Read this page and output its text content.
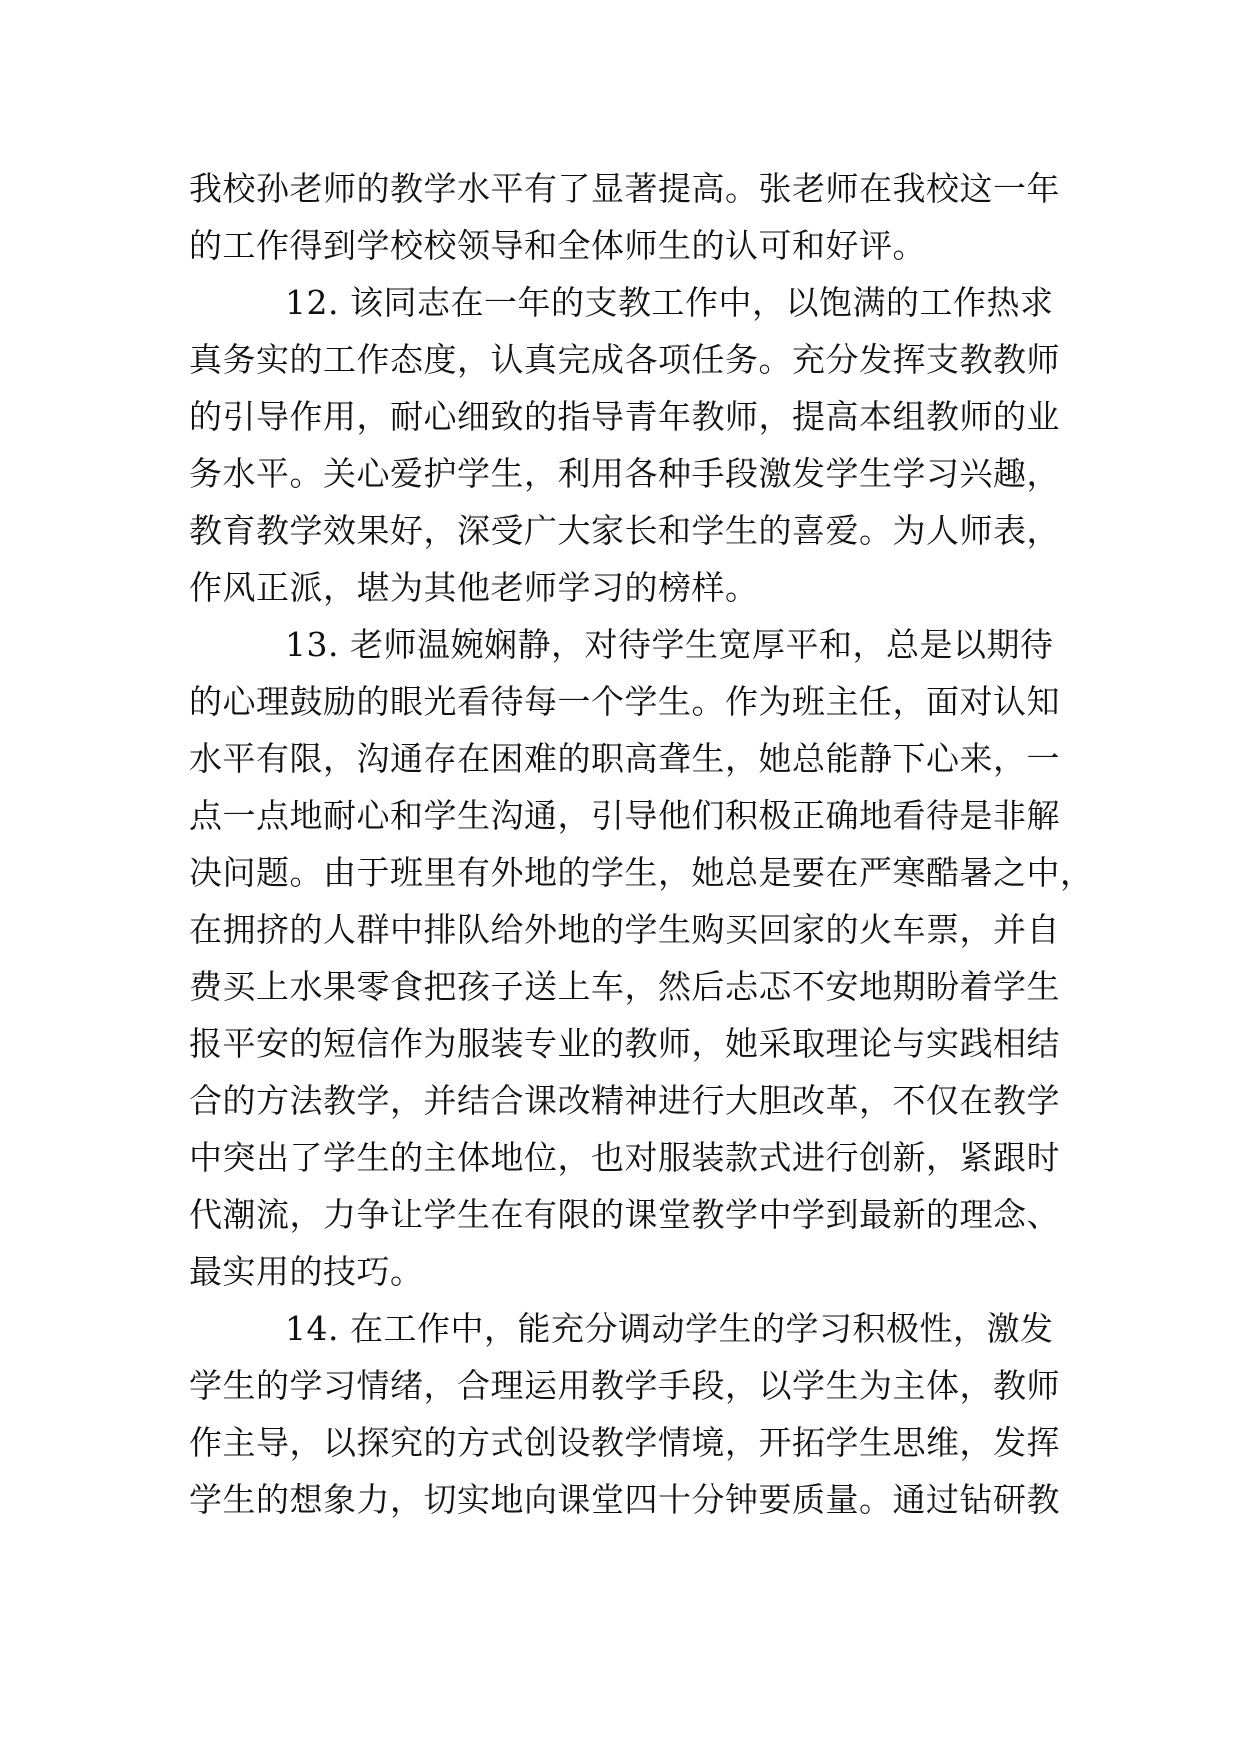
我校孙老师的教学水平有了显著提高。张老师在我校这一年
的工作得到学校校领导和全体师生的认可和好评。
12. 该同志在一年的支教工作中，以饱满的工作热求
真务实的工作态度，认真完成各项任务。充分发挥支教教师
的引导作用，耐心细致的指导青年教师，提高本组教师的业
务水平。关心爱护学生，利用各种手段激发学生学习兴趣，
教育教学效果好，深受广大家长和学生的喜爱。为人师表，
作风正派，堪为其他老师学习的榜样。
13. 老师温婉娴静，对待学生宽厚平和，总是以期待
的心理鼓励的眼光看待每一个学生。作为班主任，面对认知
水平有限，沟通存在困难的职高聋生，她总能静下心来，一
点一点地耐心和学生沟通，引导他们积极正确地看待是非解
决问题。由于班里有外地的学生，她总是要在严寒酷暑之中，
在拥挤的人群中排队给外地的学生购买回家的火车票，并自
费买上水果零食把孩子送上车，然后忐忑不安地期盼着学生
报平安的短信作为服装专业的教师，她采取理论与实践相结
合的方法教学，并结合课改精神进行大胆改革，不仅在教学
中突出了学生的主体地位，也对服装款式进行创新，紧跟时
代潮流，力争让学生在有限的课堂教学中学到最新的理念、
最实用的技巧。
14. 在工作中，能充分调动学生的学习积极性，激发
学生的学习情绪，合理运用教学手段，以学生为主体，教师
作主导，以探究的方式创设教学情境，开拓学生思维，发挥
学生的想象力，切实地向课堂四十分钟要质量。通过钻研教
